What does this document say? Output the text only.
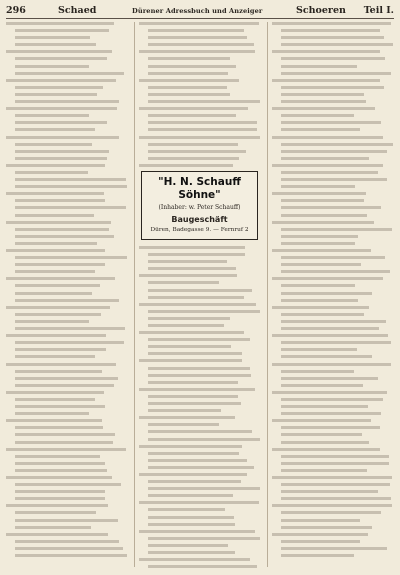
296	Schaed	Dürener Adressbuch und Anzeiger	Schoeren Teil I.
"H. N. Schauff Söhne"
(Inhaber: w. Peter Schauff)
Baugeschäft
Düren, Badegasse 9. — Fernruf 2
